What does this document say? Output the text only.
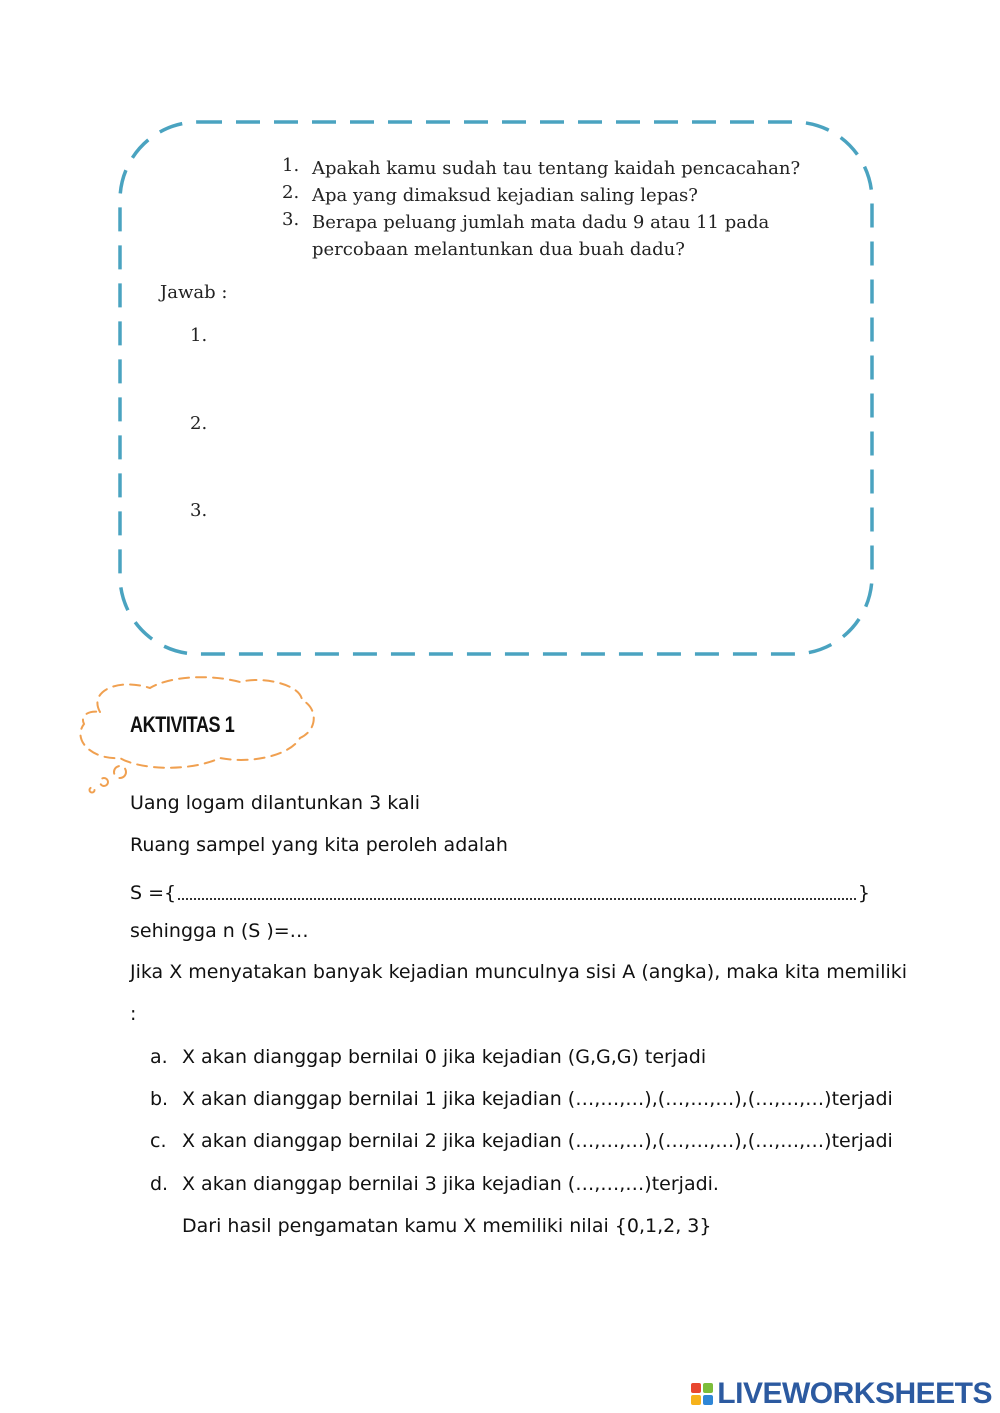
1. Apakah kamu sudah tau tentang kaidah pencacahan?
2. Apa yang dimaksud kejadian saling lepas?
3. Berapa peluang jumlah mata dadu 9 atau 11 pada percobaan melantunkan dua buah dadu?
Jawab :
1.
2.
3.
AKTIVITAS 1
Uang logam dilantunkan 3 kali
Ruang sampel yang kita peroleh adalah
S ={	}
sehingga n (S )=…
Jika X menyatakan banyak kejadian munculnya sisi A (angka), maka kita memiliki
:
a. X akan dianggap bernilai 0 jika kejadian (G,G,G) terjadi
b. X akan dianggap bernilai 1 jika kejadian (…,…,…),(…,…,…),(…,…,…)terjadi
c. X akan dianggap bernilai 2 jika kejadian (…,…,…),(…,…,…),(…,…,…)terjadi
d. X akan dianggap bernilai 3 jika kejadian (…,…,…)terjadi.
Dari hasil pengamatan kamu X memiliki nilai {0,1,2, 3}
LIVEWORKSHEETS
